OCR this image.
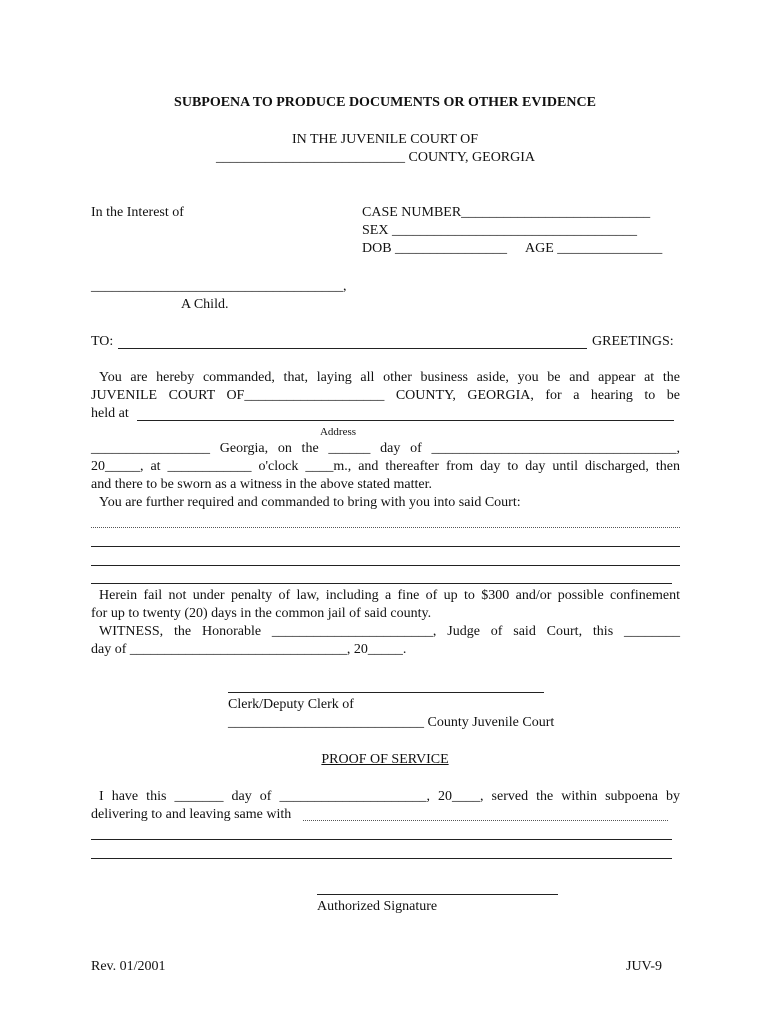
SUBPOENA TO PRODUCE DOCUMENTS OR OTHER EVIDENCE
IN THE JUVENILE COURT OF
___________________________ COUNTY, GEORGIA
In the Interest of	CASE NUMBER___________________________
SEX ___________________________________
DOB ________________ AGE _______________
____________________________________,
A Child.
TO:	GREETINGS:
You are hereby commanded, that, laying all other business aside, you be and appear at the
JUVENILE COURT OF____________________ COUNTY, GEORGIA, for a hearing to be
held at
Address
_________________ Georgia, on the ______ day of ___________________________________,
20_____, at ____________ o'clock ____m., and thereafter from day to day until discharged, then
and there to be sworn as a witness in the above stated matter.
You are further required and commanded to bring with you into said Court:
Herein fail not under penalty of law, including a fine of up to $300 and/or possible confinement
for up to twenty (20) days in the common jail of said county.
WITNESS, the Honorable _______________________, Judge of said Court, this ________
day of _______________________________, 20_____.
Clerk/Deputy Clerk of
____________________________ County Juvenile Court
PROOF OF SERVICE
I have this _______ day of _____________________, 20____, served the within subpoena by
delivering to and leaving same with
Authorized Signature
Rev. 01/2001	JUV-9
